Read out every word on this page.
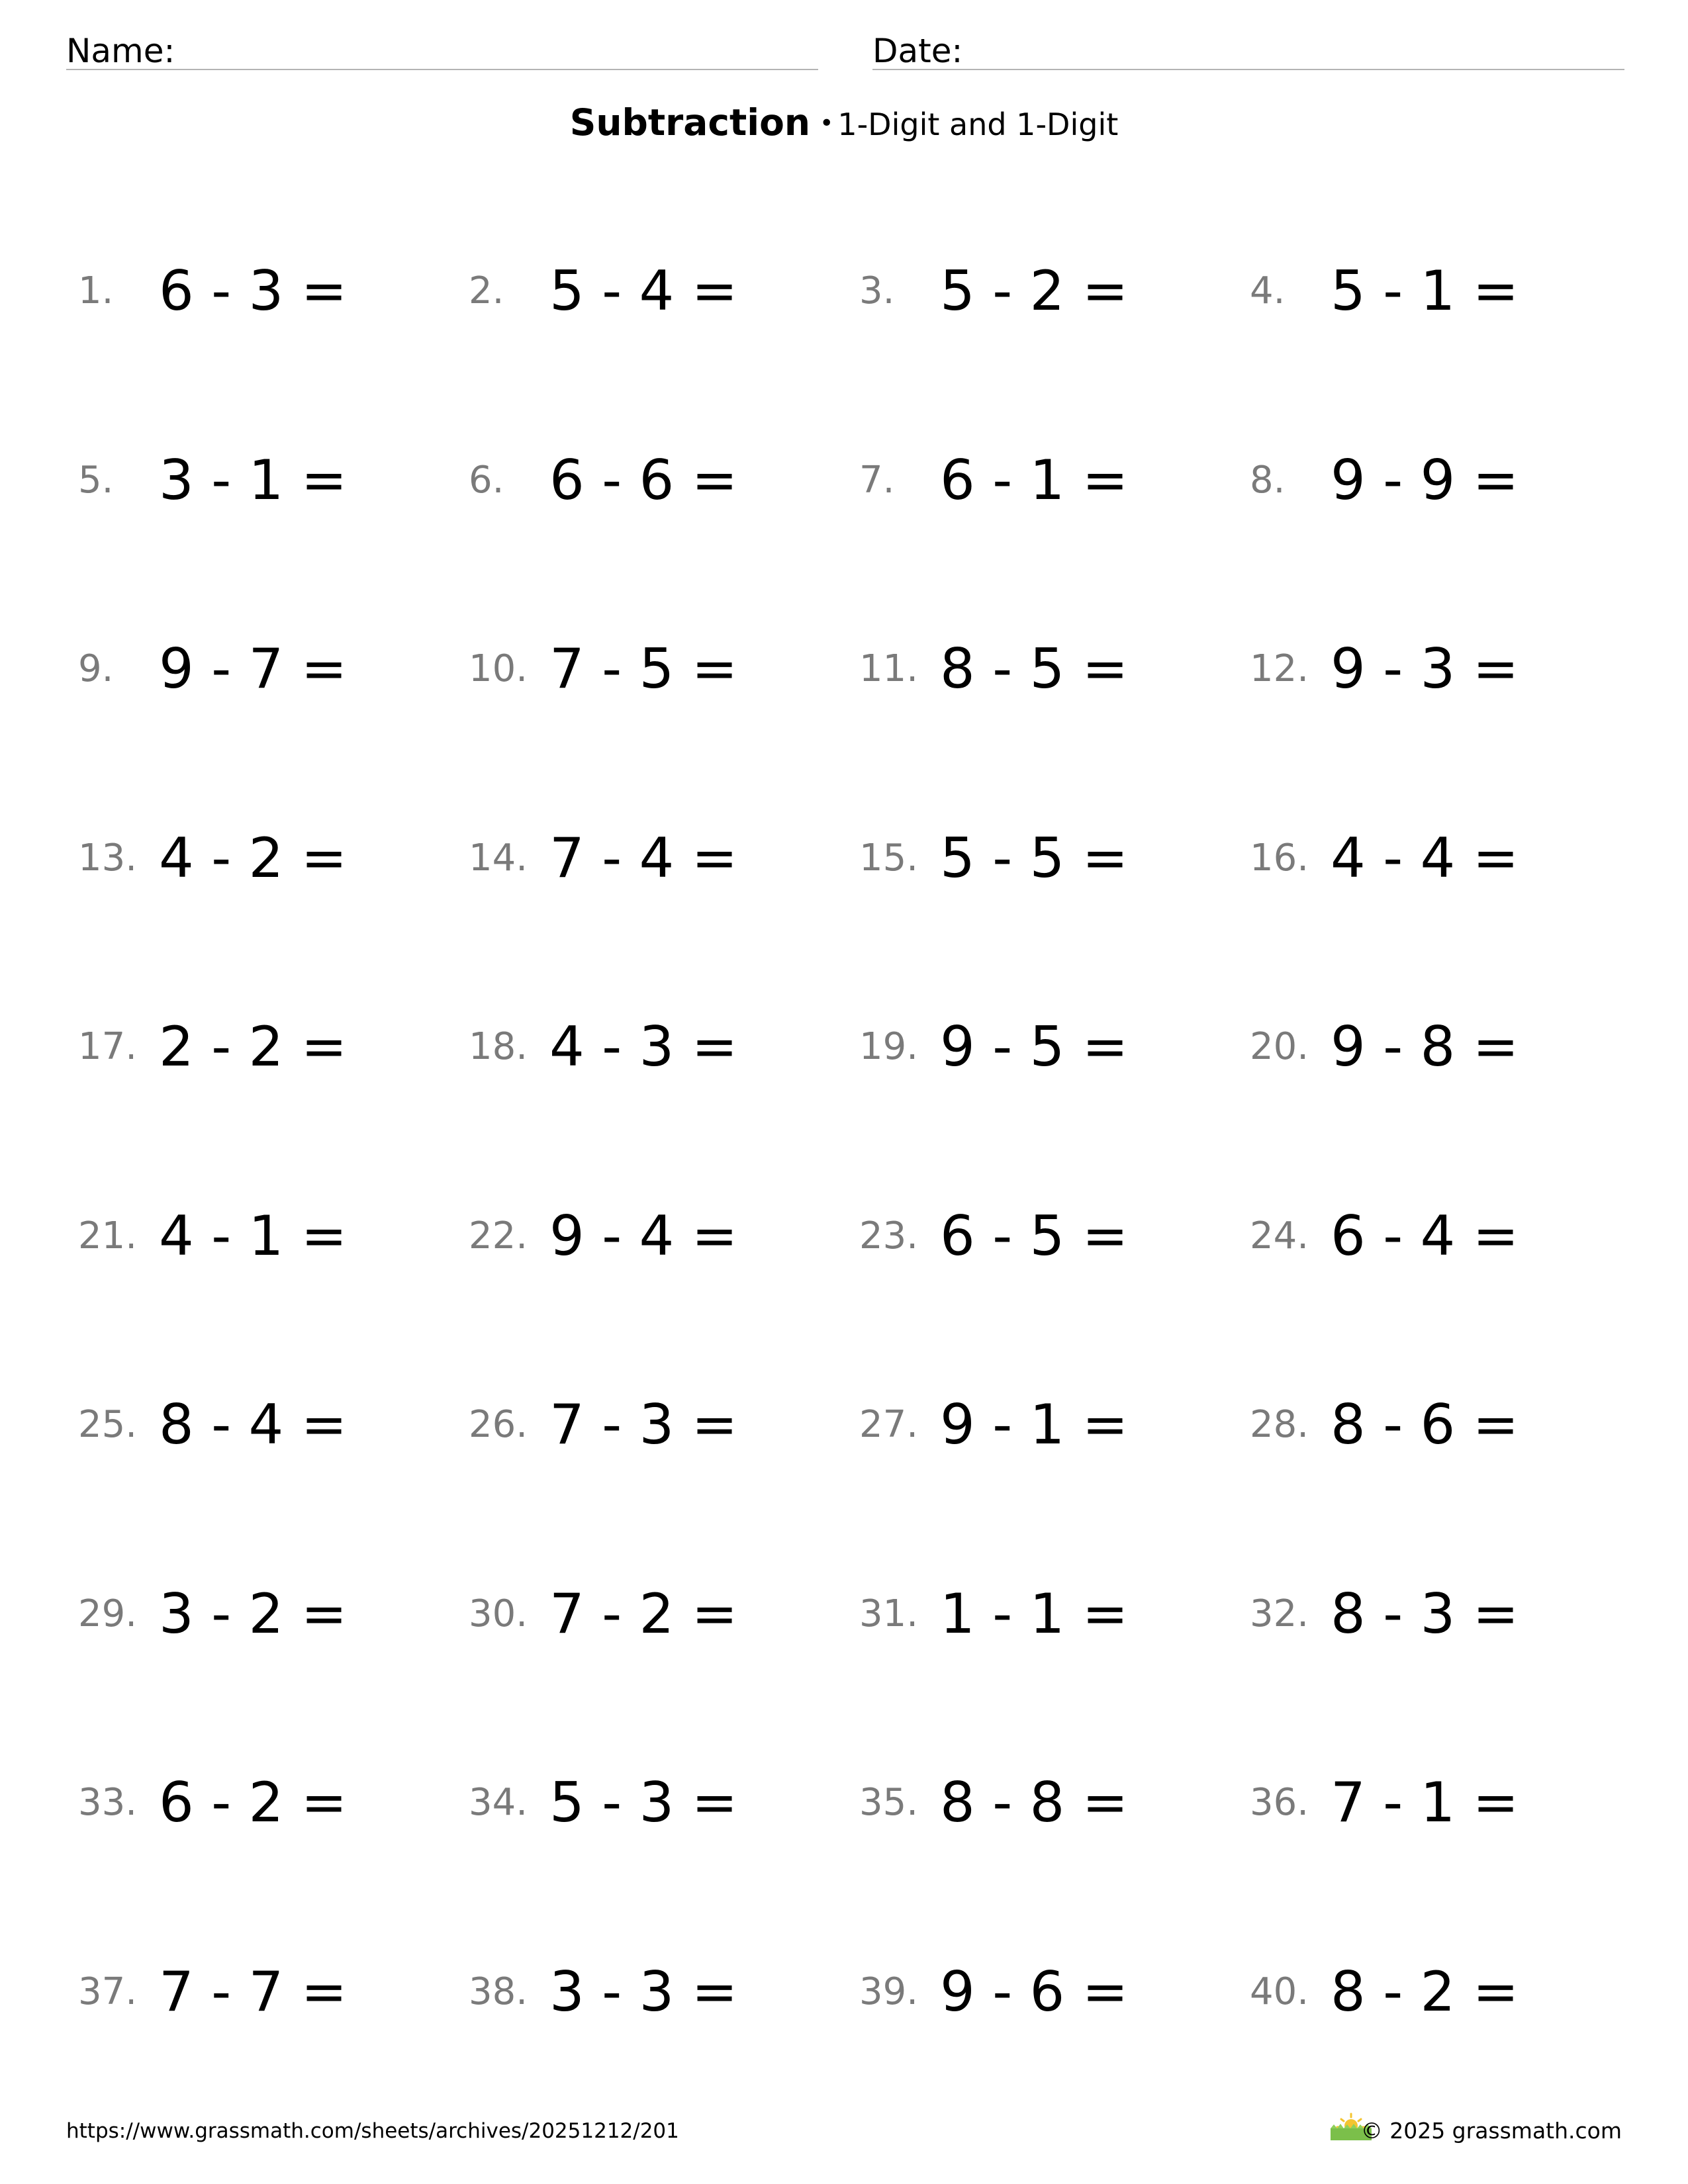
Name:	Date:
Subtraction • 1-Digit and 1-Digit
1. 6 - 3 =	2. 5 - 4 =	3. 5 - 2 =	4. 5 - 1 =
5. 3 - 1 =	6. 6 - 6 =	7. 6 - 1 =	8. 9 - 9 =
9. 9 - 7 =	10. 7 - 5 =	11. 8 - 5 =	12. 9 - 3 =
13. 4 - 2 =	14. 7 - 4 =	15. 5 - 5 =	16. 4 - 4 =
17. 2 - 2 =	18. 4 - 3 =	19. 9 - 5 =	20. 9 - 8 =
21. 4 - 1 =	22. 9 - 4 =	23. 6 - 5 =	24. 6 - 4 =
25. 8 - 4 =	26. 7 - 3 =	27. 9 - 1 =	28. 8 - 6 =
29. 3 - 2 =	30. 7 - 2 =	31. 1 - 1 =	32. 8 - 3 =
33. 6 - 2 =	34. 5 - 3 =	35. 8 - 8 =	36. 7 - 1 =
37. 7 - 7 =	38. 3 - 3 =	39. 9 - 6 =	40. 8 - 2 =
https://www.grassmath.com/sheets/archives/20251212/201	© 2025 grassmath.com
